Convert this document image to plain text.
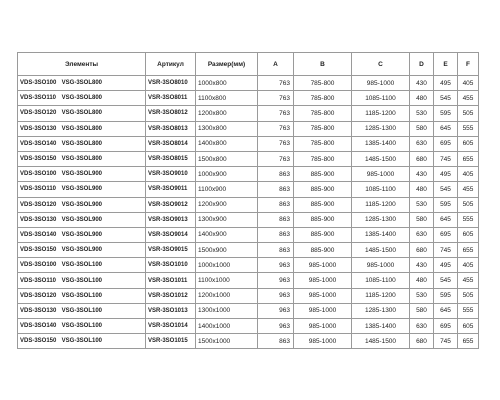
Элементы	Артикул	Размер(мм)	A	B	C	D	E	F
VDS-3SO100 VSG-3SOL800	VSR-3SO8010	1000x800	763	785-800	985-1000	430	495	405
VDS-3SO110 VSG-3SOL800	VSR-3SO8011	1100x800	763	785-800	1085-1100	480	545	455
VDS-3SO120 VSG-3SOL800	VSR-3SO8012	1200x800	763	785-800	1185-1200	530	595	505
VDS-3SO130 VSG-3SOL800	VSR-3SO8013	1300x800	763	785-800	1285-1300	580	645	555
VDS-3SO140 VSG-3SOL800	VSR-3SO8014	1400x800	763	785-800	1385-1400	630	695	605
VDS-3SO150 VSG-3SOL800	VSR-3SO8015	1500x800	763	785-800	1485-1500	680	745	655
VDS-3SO100 VSG-3SOL900	VSR-3SO9010	1000x900	863	885-900	985-1000	430	495	405
VDS-3SO110 VSG-3SOL900	VSR-3SO9011	1100x900	863	885-900	1085-1100	480	545	455
VDS-3SO120 VSG-3SOL900	VSR-3SO9012	1200x900	863	885-900	1185-1200	530	595	505
VDS-3SO130 VSG-3SOL900	VSR-3SO9013	1300x900	863	885-900	1285-1300	580	645	555
VDS-3SO140 VSG-3SOL900	VSR-3SO9014	1400x900	863	885-900	1385-1400	630	695	605
VDS-3SO150 VSG-3SOL900	VSR-3SO9015	1500x900	863	885-900	1485-1500	680	745	655
VDS-3SO100 VSG-3SOL100	VSR-3SO1010	1000x1000	963	985-1000	985-1000	430	495	405
VDS-3SO110 VSG-3SOL100	VSR-3SO1011	1100x1000	963	985-1000	1085-1100	480	545	455
VDS-3SO120 VSG-3SOL100	VSR-3SO1012	1200x1000	963	985-1000	1185-1200	530	595	505
VDS-3SO130 VSG-3SOL100	VSR-3SO1013	1300x1000	963	985-1000	1285-1300	580	645	555
VDS-3SO140 VSG-3SOL100	VSR-3SO1014	1400x1000	963	985-1000	1385-1400	630	695	605
VDS-3SO150 VSG-3SOL100	VSR-3SO1015	1500x1000	863	985-1000	1485-1500	680	745	655
